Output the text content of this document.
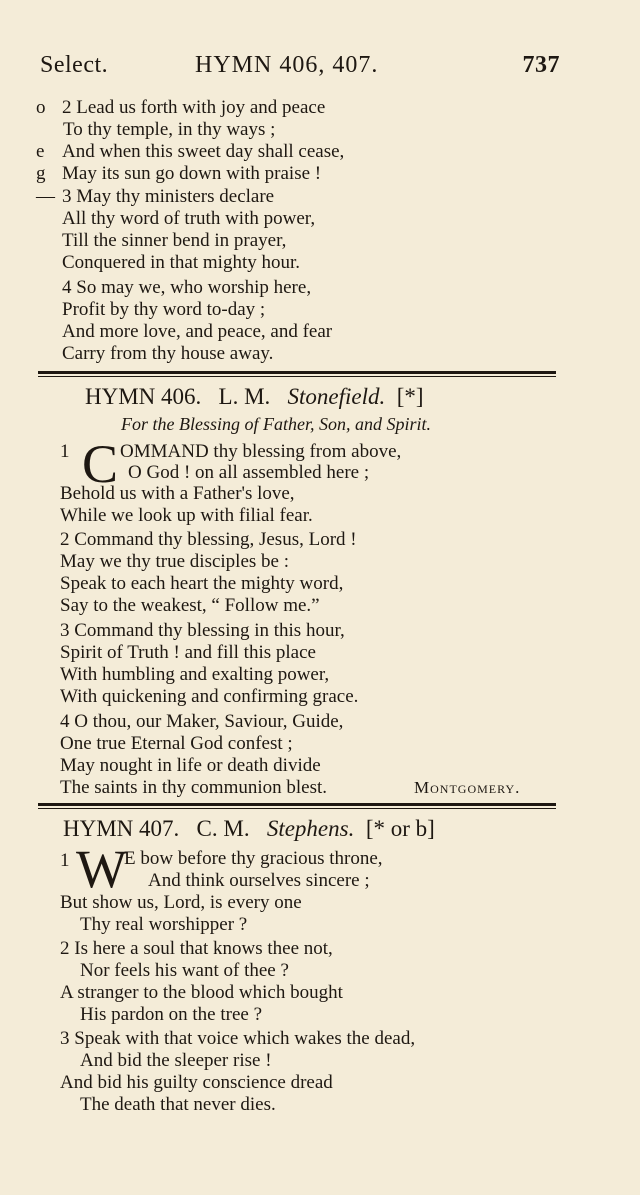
Select.	HYMN 406, 407.	737
o 2 Lead us forth with joy and peace
To thy temple, in thy ways ;
e And when this sweet day shall cease,
g May its sun go down with praise !
— 3 May thy ministers declare
All thy word of truth with power,
Till the sinner bend in prayer,
Conquered in that mighty hour.
4 So may we, who worship here,
Profit by thy word to-day ;
And more love, and peace, and fear
Carry from thy house away.
HYMN 406. L. M. Stonefield. [*]
For the Blessing of Father, Son, and Spirit.
1 C OMMAND thy blessing from above,
O God ! on all assembled here ;
Behold us with a Father's love,
While we look up with filial fear.
2 Command thy blessing, Jesus, Lord !
May we thy true disciples be :
Speak to each heart the mighty word,
Say to the weakest, “ Follow me.”
3 Command thy blessing in this hour,
Spirit of Truth ! and fill this place
With humbling and exalting power,
With quickening and confirming grace.
4 O thou, our Maker, Saviour, Guide,
One true Eternal God confest ;
May nought in life or death divide
The saints in thy communion blest.	Montgomery.
HYMN 407. C. M. Stephens. [* or b]
1 W
E bow before thy gracious throne,
And think ourselves sincere ;
But show us, Lord, is every one
Thy real worshipper ?
2 Is here a soul that knows thee not,
Nor feels his want of thee ?
A stranger to the blood which bought
His pardon on the tree ?
3 Speak with that voice which wakes the dead,
And bid the sleeper rise !
And bid his guilty conscience dread
The death that never dies.
